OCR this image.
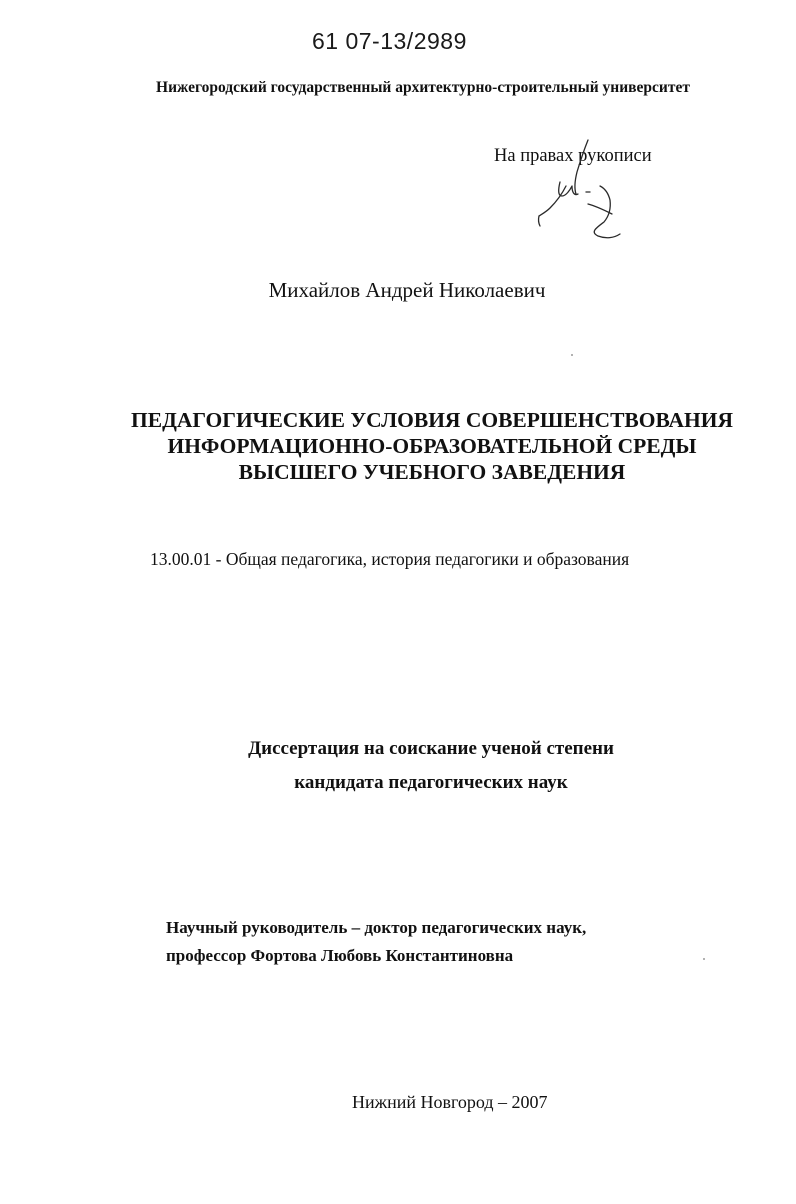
61 07-13/2989
Нижегородский государственный архитектурно-строительный университет
На правах рукописи
Михайлов Андрей Николаевич
ПЕДАГОГИЧЕСКИЕ УСЛОВИЯ СОВЕРШЕНСТВОВАНИЯ
ИНФОРМАЦИОННО-ОБРАЗОВАТЕЛЬНОЙ СРЕДЫ
ВЫСШЕГО УЧЕБНОГО ЗАВЕДЕНИЯ
13.00.01 - Общая педагогика, история педагогики и образования
Диссертация на соискание ученой степени
кандидата педагогических наук
Научный руководитель – доктор педагогических наук,
профессор Фортова Любовь Константиновна
Нижний Новгород – 2007
